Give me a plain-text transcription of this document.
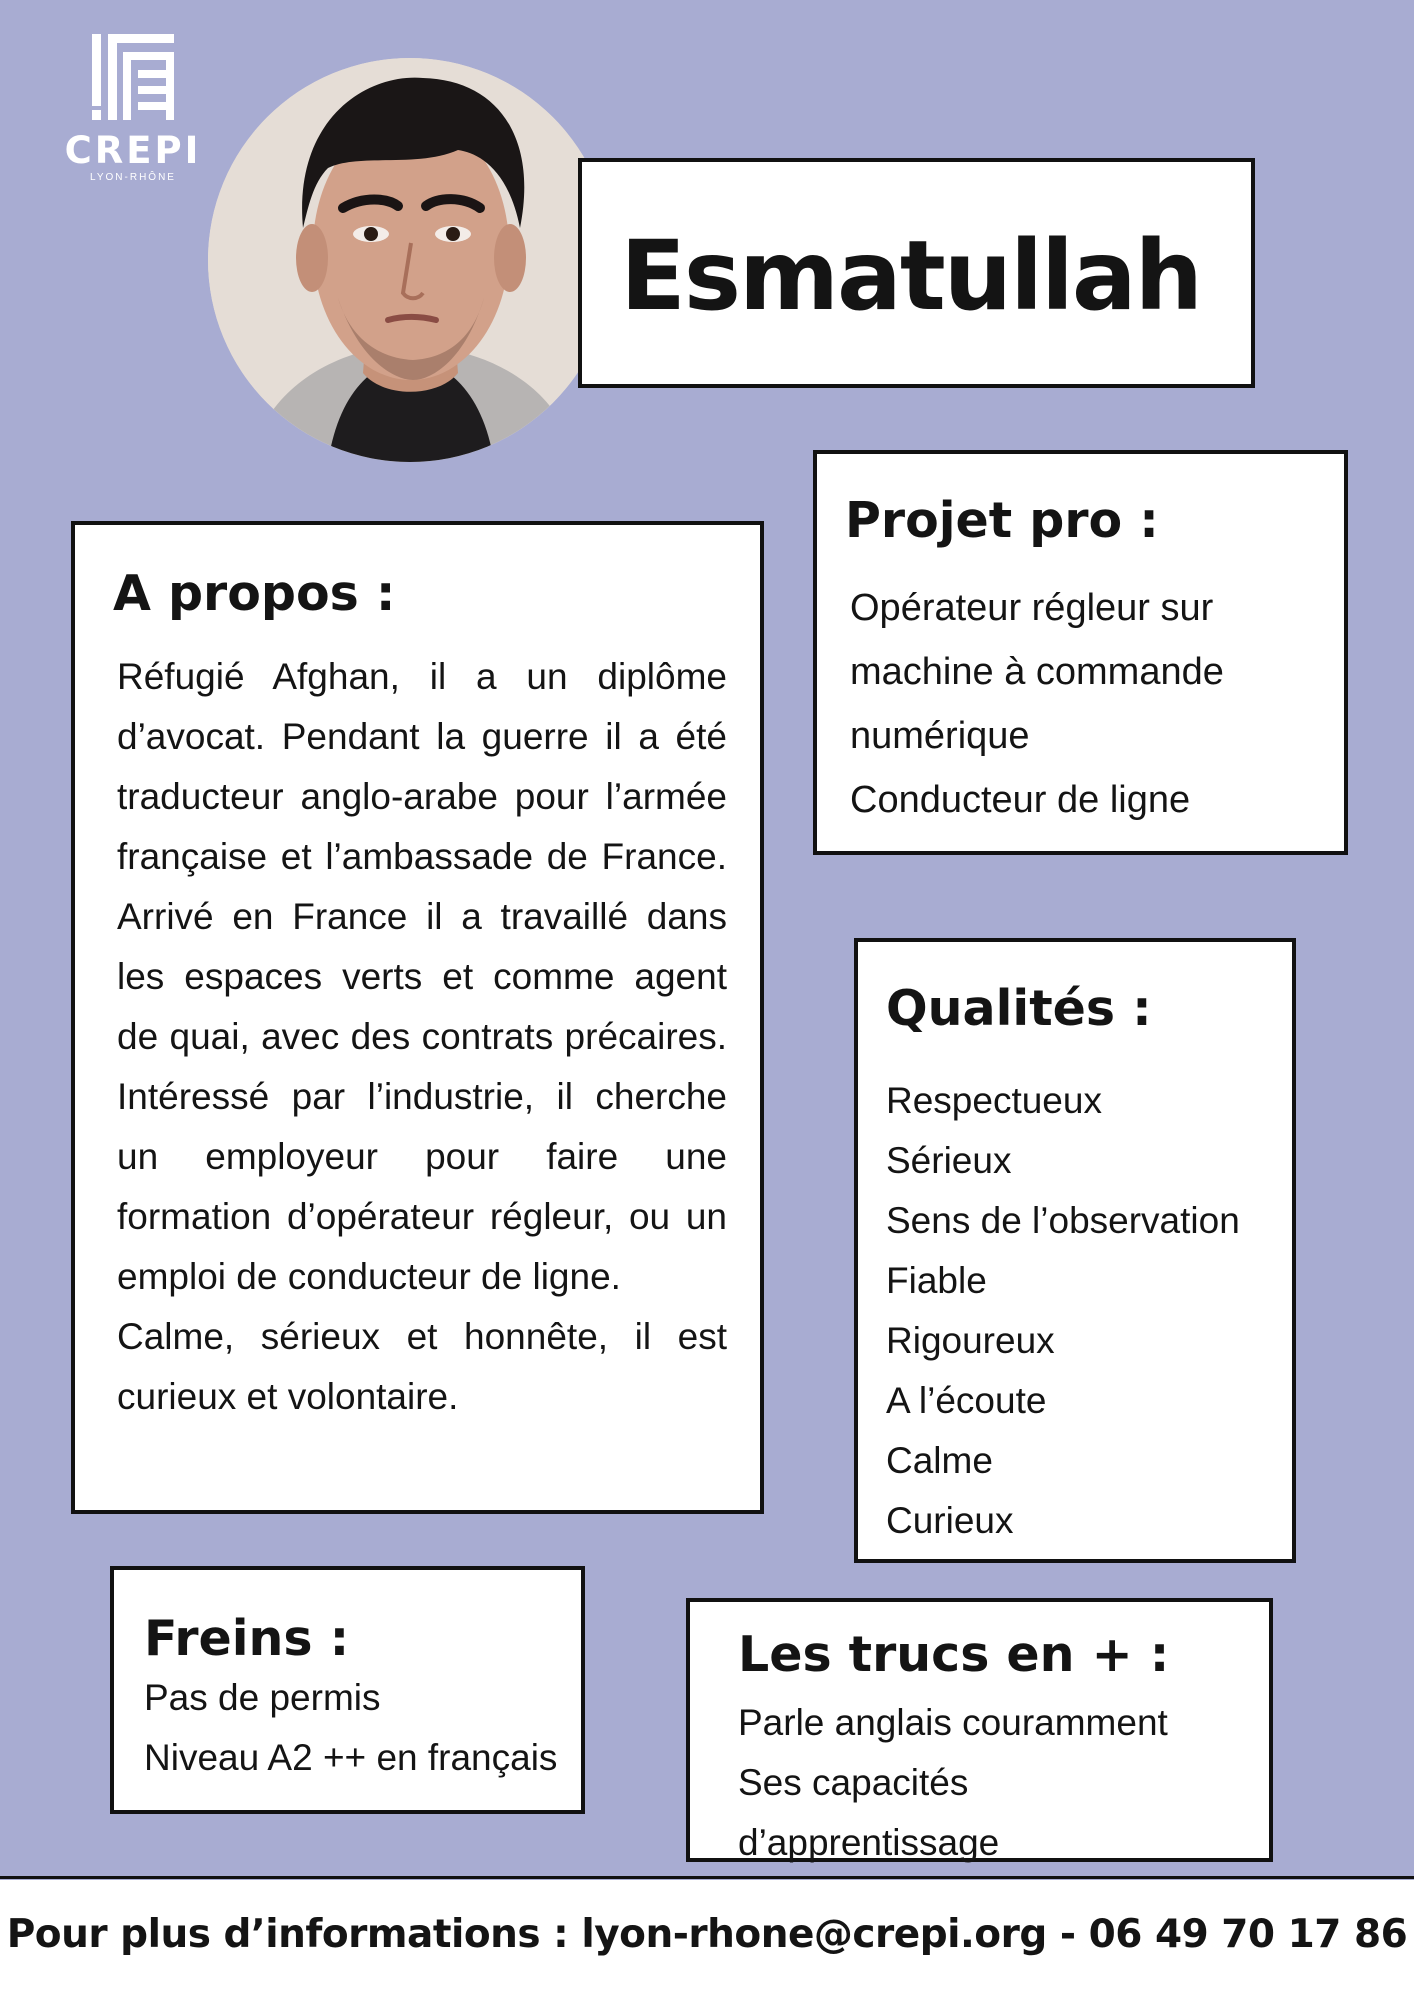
CREPI
LYON-RHÔNE
Esmatullah
A propos :

Réfugié Afghan, il a un diplôme d’avocat. Pendant la guerre il a été traducteur anglo-arabe pour l’armée française et l’ambassade de France. Arrivé en France il a travaillé dans les espaces verts et comme agent de quai, avec des contrats précaires. Intéressé par l’industrie, il cherche un employeur pour faire une formation d’opérateur régleur, ou un emploi de conducteur de ligne.

Calme, sérieux et honnête, il est curieux et volontaire.

Projet pro :
Opérateur régleur sur
machine à commande
numérique
Conducteur de ligne
Qualités :
Respectueux
Sérieux
Sens de l’observation
Fiable
Rigoureux
A l’écoute
Calme
Curieux
Freins :
Pas de permis
Niveau A2 ++ en français
Les trucs en + :
Parle anglais couramment
Ses capacités
d’apprentissage
Pour plus d’informations : lyon-rhone@crepi.org - 06 49 70 17 86
